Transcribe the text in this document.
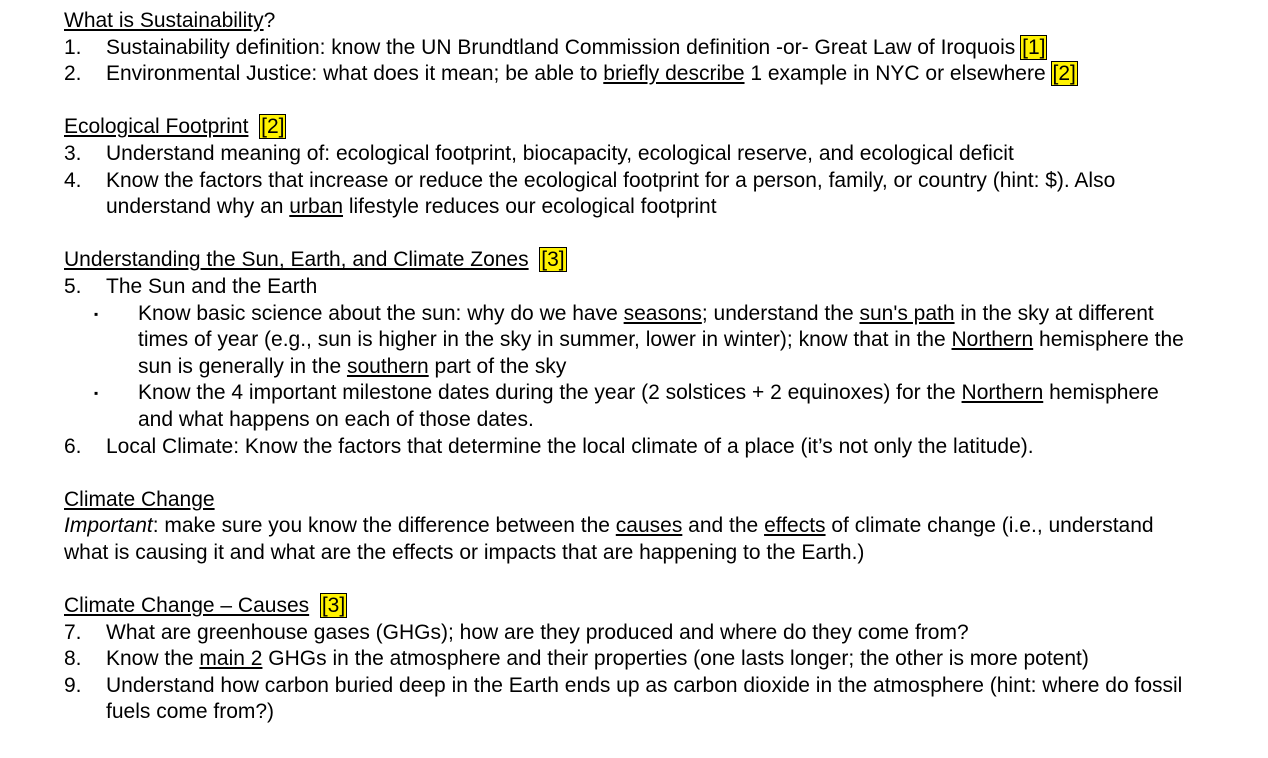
What is Sustainability?
1.	Sustainability definition: know the UN Brundtland Commission definition -or- Great Law of Iroquois [1]
2.	Environmental Justice: what does it mean; be able to briefly describe 1 example in NYC or elsewhere [2]
Ecological Footprint [2]
3.	Understand meaning of: ecological footprint, biocapacity, ecological reserve, and ecological deficit
4.	Know the factors that increase or reduce the ecological footprint for a person, family, or country (hint: $). Also understand why an urban lifestyle reduces our ecological footprint
Understanding the Sun, Earth, and Climate Zones [3]
5.	The Sun and the Earth
▪	Know basic science about the sun: why do we have seasons; understand the sun's path in the sky at different times of year (e.g., sun is higher in the sky in summer, lower in winter); know that in the Northern hemisphere the sun is generally in the southern part of the sky
▪	Know the 4 important milestone dates during the year (2 solstices + 2 equinoxes) for the Northern hemisphere and what happens on each of those dates.
6.	Local Climate: Know the factors that determine the local climate of a place (it’s not only the latitude).
Climate Change
Important: make sure you know the difference between the causes and the effects of climate change (i.e., understand what is causing it and what are the effects or impacts that are happening to the Earth.)
Climate Change – Causes [3]
7.	What are greenhouse gases (GHGs); how are they produced and where do they come from?
8.	Know the main 2 GHGs in the atmosphere and their properties (one lasts longer; the other is more potent)
9.	Understand how carbon buried deep in the Earth ends up as carbon dioxide in the atmosphere (hint: where do fossil fuels come from?)
